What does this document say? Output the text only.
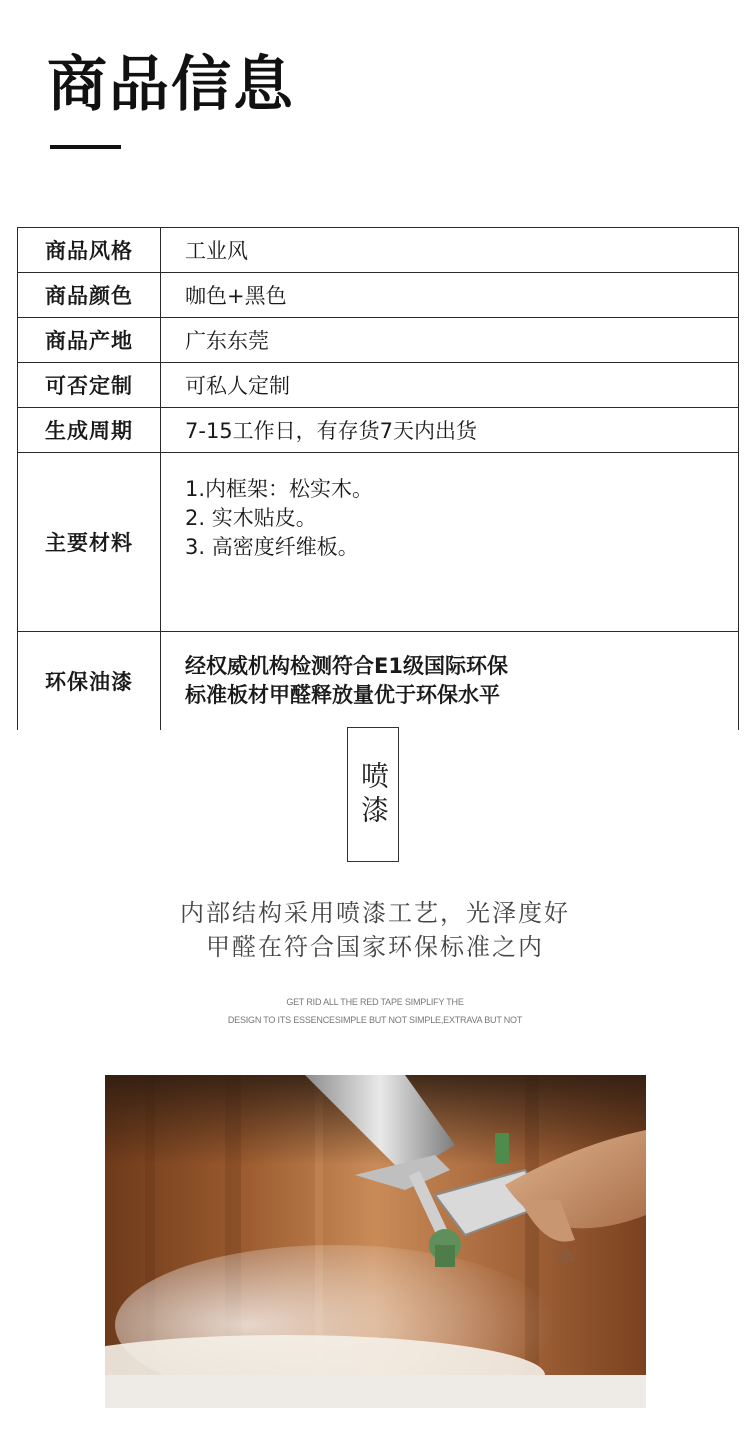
商品信息
商品风格	工业风
商品颜色	咖色+黑色
商品产地	广东东莞
可否定制	可私人定制
生成周期	7-15工作日，有存货7天内出货
主要材料	1.内框架：松实木。
2. 实木贴皮。
3. 高密度纤维板。

环保油漆	经权威机构检测符合E1级国际环保
标准板材甲醛释放量优于环保水平
喷漆
内部结构采用喷漆工艺，光泽度好
甲醛在符合国家环保标准之内
GET RID ALL THE RED TAPE SIMPLIFY THE
DESIGN TO ITS ESSENCESIMPLE BUT NOT SIMPLE,EXTRAVA BUT NOT
